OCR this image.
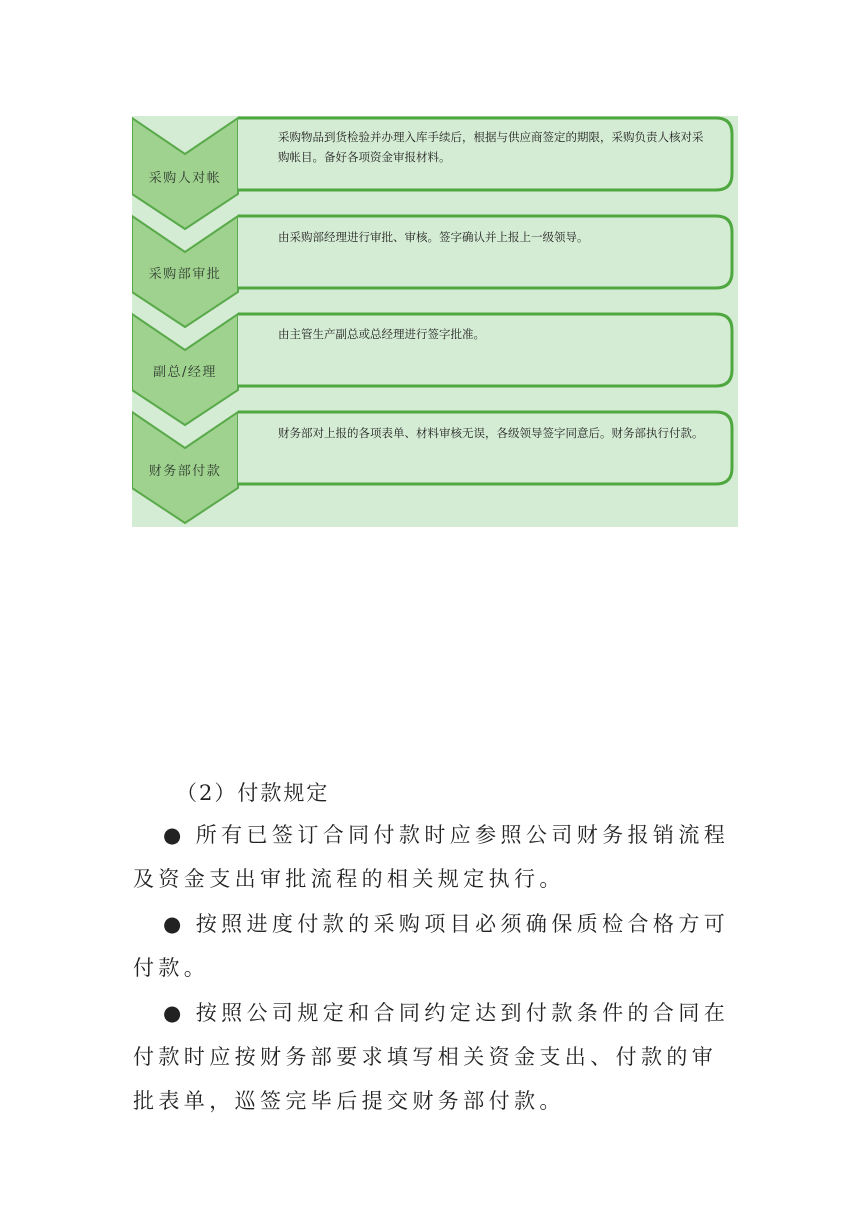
采购人对帐
采购物品到货检验并办理入库手续后，根据与供应商签定的期限，采购负责人核对采购帐目。备好各项资金审报材料。
采购部审批
由采购部经理进行审批、审核。签字确认并上报上一级领导。
副总/经理
由主管生产副总或总经理进行签字批准。
财务部付款
财务部对上报的各项表单、材料审核无误，各级领导签字同意后。财务部执行付款。
（2）付款规定
● 所有已签订合同付款时应参照公司财务报销流程及资金支出审批流程的相关规定执行。
● 按照进度付款的采购项目必须确保质检合格方可付款。
● 按照公司规定和合同约定达到付款条件的合同在付款时应按财务部要求填写相关资金支出、付款的审批表单，巡签完毕后提交财务部付款。
